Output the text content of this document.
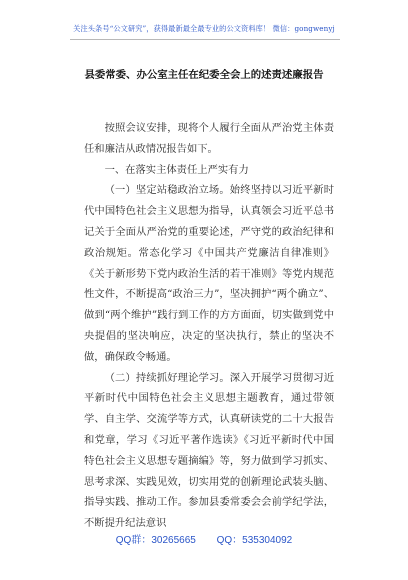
关注头条号“公文研究”，获得最新最全最专业的公文资料库！ 微信：gongwenyj
县委常委、办公室主任在纪委全会上的述责述廉报告

按照会议安排，现将个人履行全面从严治党主体责任和廉洁从政情况报告如下。

一、在落实主体责任上严实有力

（一）坚定站稳政治立场。始终坚持以习近平新时代中国特色社会主义思想为指导，认真领会习近平总书记关于全面从严治党的重要论述，严守党的政治纪律和政治规矩。常态化学习《中国共产党廉洁自律准则》《关于新形势下党内政治生活的若干准则》等党内规范性文件，不断提高“政治三力”，坚决拥护“两个确立”、做到“两个维护”践行到工作的方方面面，切实做到党中央提倡的坚决响应，决定的坚决执行，禁止的坚决不做，确保政令畅通。

（二）持续抓好理论学习。深入开展学习贯彻习近平新时代中国特色社会主义思想主题教育，通过带领学、自主学、交流学等方式，认真研读党的二十大报告和党章，学习《习近平著作选读》《习近平新时代中国特色社会主义思想专题摘编》等，努力做到学习抓实、思考求深、实践见效，切实用党的创新理论武装头脑、指导实践、推动工作。参加县委常委会会前学纪学法，不断提升纪法意识

QQ群：30265665 QQ：535304092
